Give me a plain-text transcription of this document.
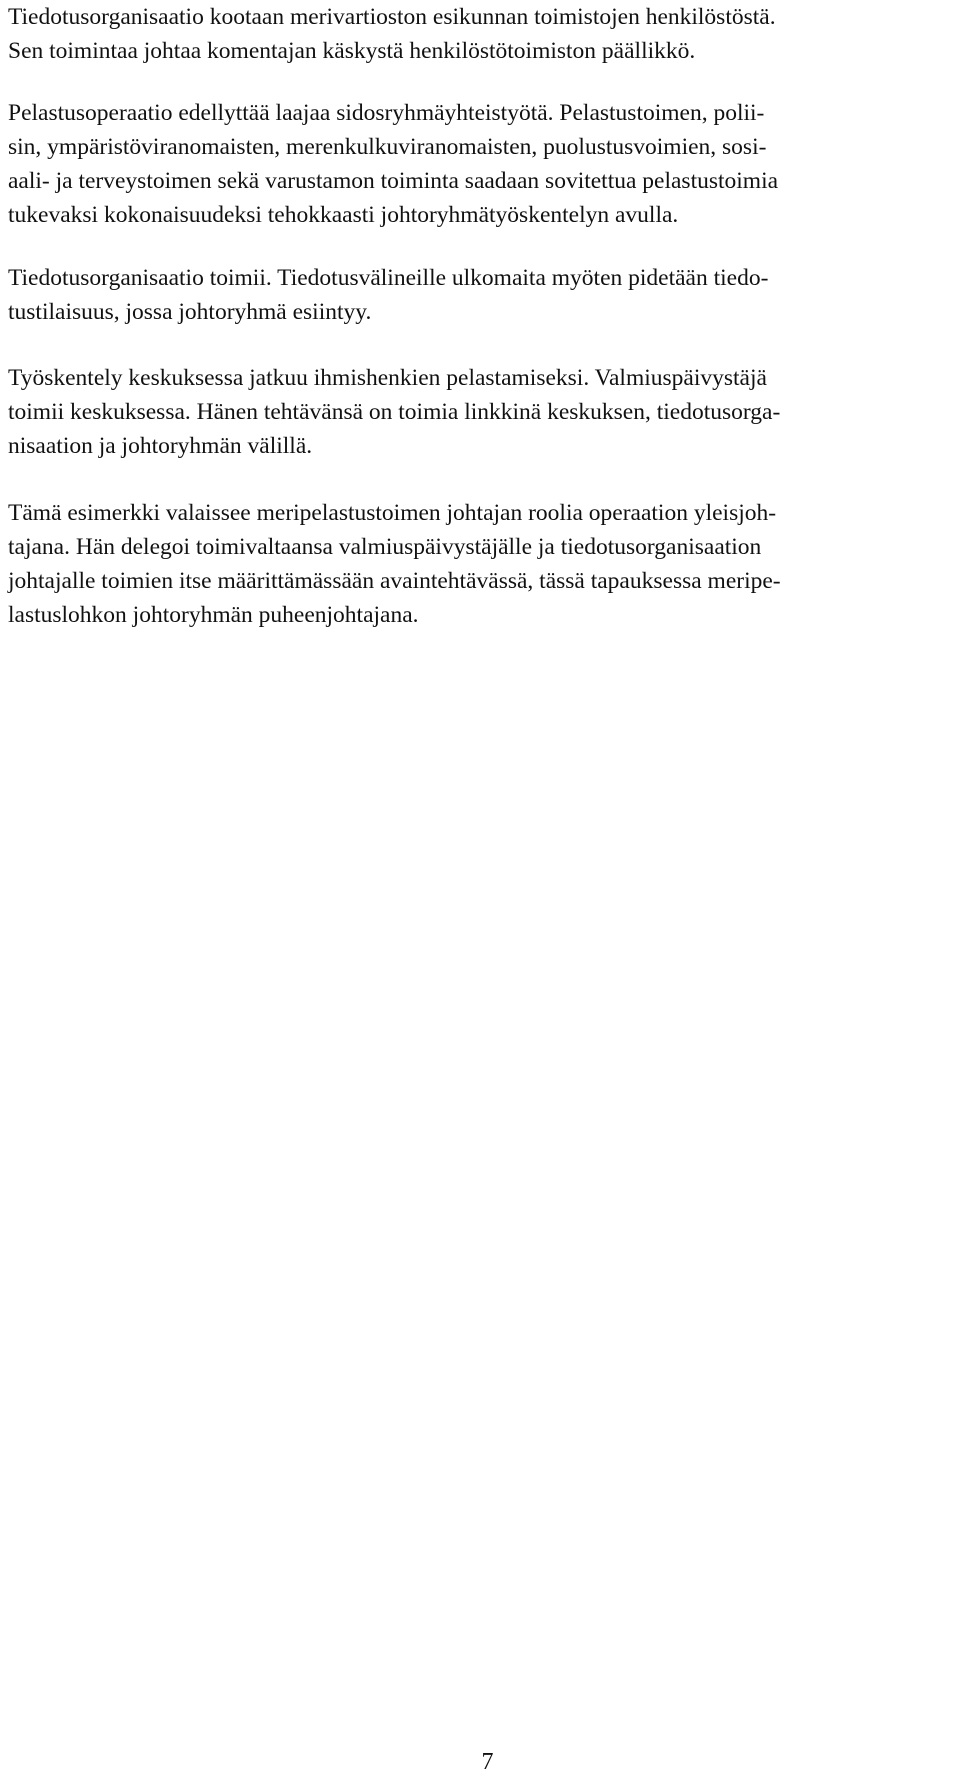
Tiedotusorganisaatio kootaan merivartioston esikunnan toimistojen henkilöstöstä.
Sen toimintaa johtaa komentajan käskystä henkilöstötoimiston päällikkö.

Pelastusoperaatio edellyttää laajaa sidosryhmäyhteistyötä. Pelastustoimen, polii-
sin, ympäristöviranomaisten, merenkulkuviranomaisten, puolustusvoimien, sosi-
aali- ja terveystoimen sekä varustamon toiminta saadaan sovitettua pelastustoimia
tukevaksi kokonaisuudeksi tehokkaasti johtoryhmätyöskentelyn avulla.

Tiedotusorganisaatio toimii. Tiedotusvälineille ulkomaita myöten pidetään tiedo-
tustilaisuus, jossa johtoryhmä esiintyy.

Työskentely keskuksessa jatkuu ihmishenkien pelastamiseksi. Valmiuspäivystäjä
toimii keskuksessa. Hänen tehtävänsä on toimia linkkinä keskuksen, tiedotusorga-
nisaation ja johtoryhmän välillä.

Tämä esimerkki valaissee meripelastustoimen johtajan roolia operaation yleisjoh-
tajana. Hän delegoi toimivaltaansa valmiuspäivystäjälle ja tiedotusorganisaation
johtajalle toimien itse määrittämässään avaintehtävässä, tässä tapauksessa meripe-
lastuslohkon johtoryhmän puheenjohtajana.

7
